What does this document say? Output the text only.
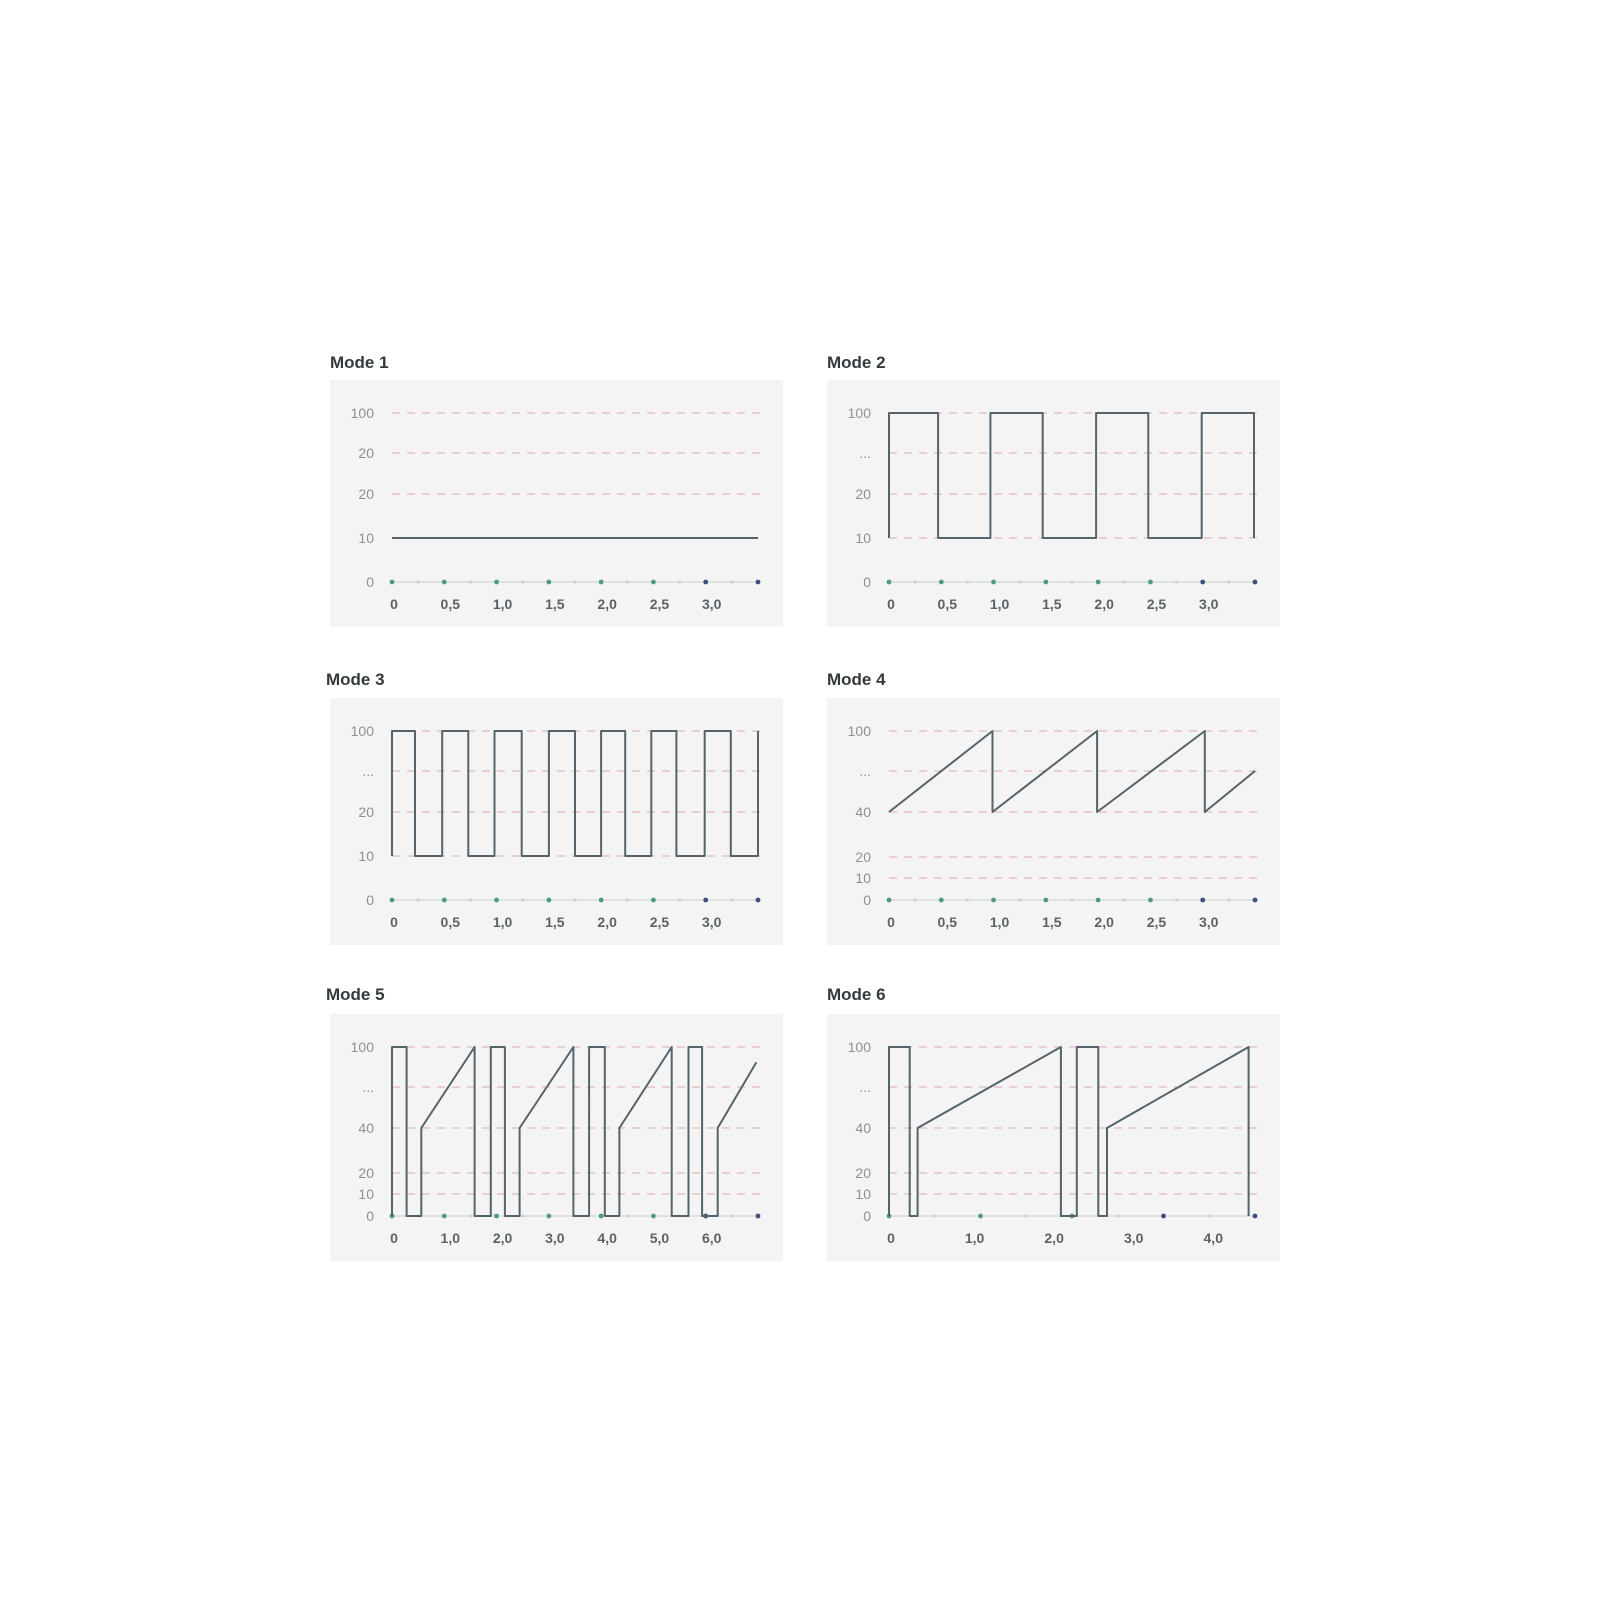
Mode 1
0
10
20
20
100
0	0,5 1,0 1,5 2,0 2,5 3,0
Mode 2
0
10
20
...
100
0	0,5 1,0 1,5 2,0 2,5 3,0
Mode 3
0
10
20
...
100
0	0,5 1,0 1,5 2,0 2,5 3,0
Mode 4
0
10
20
40
...
100
0	0,5 1,0 1,5 2,0 2,5 3,0
Mode 5
0
10
20
40
...
100
0	1,0 2,0 3,0 4,0 5,0 6,0
Mode 6
0
10
20
40
...
100
0	1,0	2,0	3,0	4,0
